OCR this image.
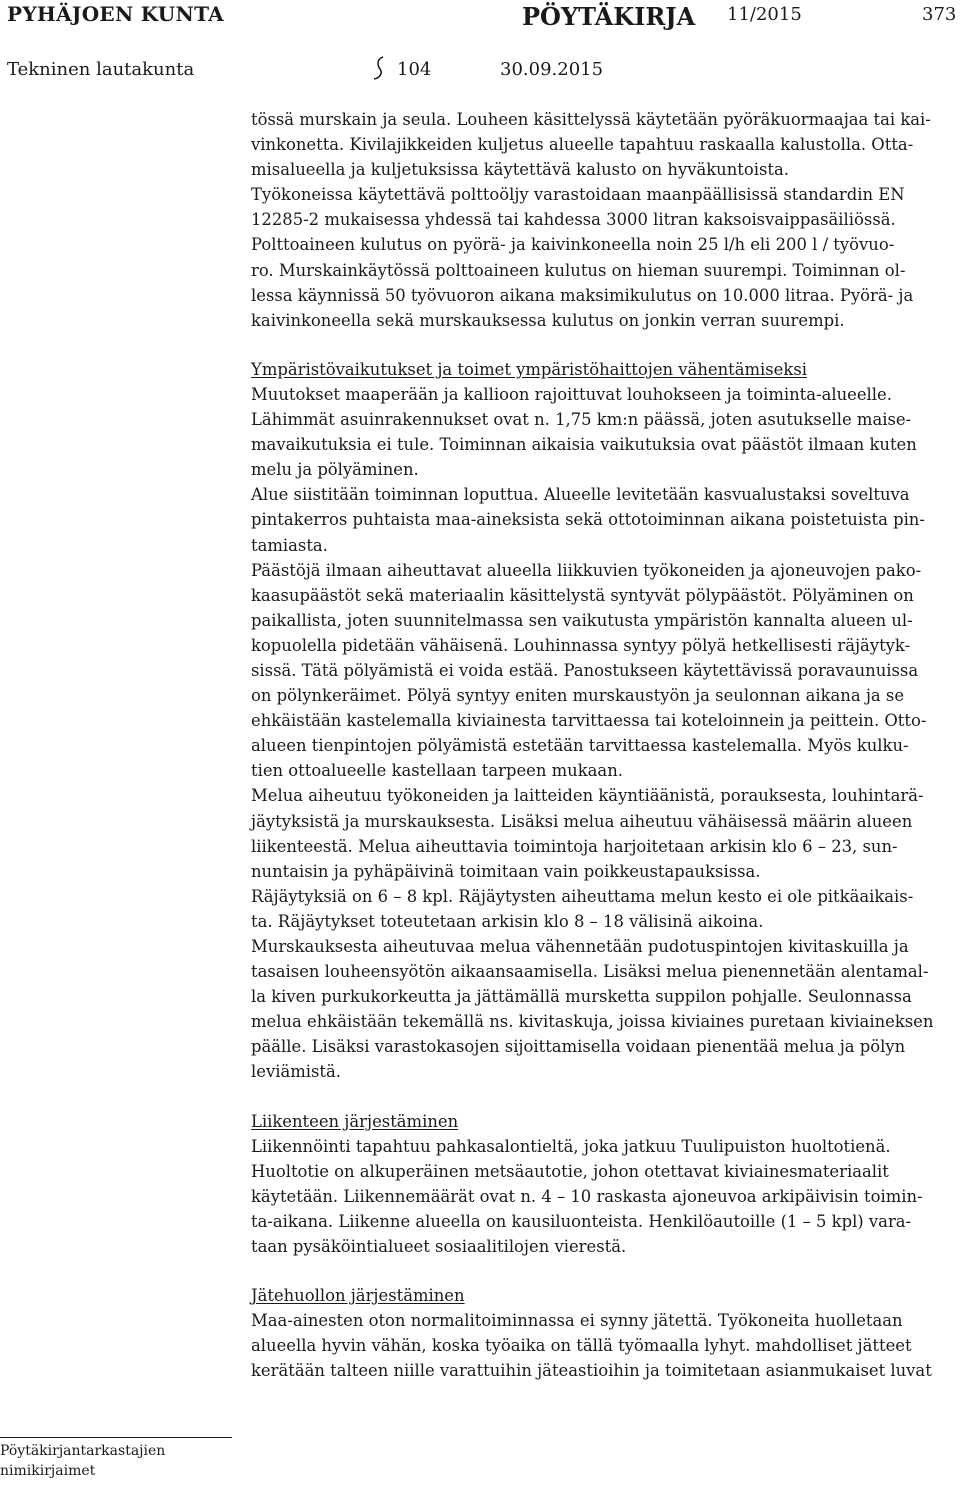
PYHÄJOEN KUNTA	PÖYTÄKIRJA 11/2015	373
Tekninen lautakunta	104	30.09.2015

tössä murskain ja seula. Louheen käsittelyssä käytetään pyöräkuormaajaa tai kai-

vinkonetta. Kivilajikkeiden kuljetus alueelle tapahtuu raskaalla kalustolla. Otta-

misalueella ja kuljetuksissa käytettävä kalusto on hyväkuntoista.

Työkoneissa käytettävä polttoöljy varastoidaan maanpäällisissä standardin EN

12285-2 mukaisessa yhdessä tai kahdessa 3000 litran kaksoisvaippasäiliössä.

Polttoaineen kulutus on pyörä- ja kaivinkoneella noin 25 l/h eli 200 l / työvuo-

ro. Murskainkäytössä polttoaineen kulutus on hieman suurempi. Toiminnan ol-

lessa käynnissä 50 työvuoron aikana maksimikulutus on 10.000 litraa. Pyörä- ja

kaivinkoneella sekä murskauksessa kulutus on jonkin verran suurempi.

Ympäristövaikutukset ja toimet ympäristöhaittojen vähentämiseksi

Muutokset maaperään ja kallioon rajoittuvat louhokseen ja toiminta-alueelle.

Lähimmät asuinrakennukset ovat n. 1,75 km:n päässä, joten asutukselle maise-

mavaikutuksia ei tule. Toiminnan aikaisia vaikutuksia ovat päästöt ilmaan kuten

melu ja pölyäminen.

Alue siistitään toiminnan loputtua. Alueelle levitetään kasvualustaksi soveltuva

pintakerros puhtaista maa-aineksista sekä ottotoiminnan aikana poistetuista pin-

tamiasta.

Päästöjä ilmaan aiheuttavat alueella liikkuvien työkoneiden ja ajoneuvojen pako-

kaasupäästöt sekä materiaalin käsittelystä syntyvät pölypäästöt. Pölyäminen on

paikallista, joten suunnitelmassa sen vaikutusta ympäristön kannalta alueen ul-

kopuolella pidetään vähäisenä. Louhinnassa syntyy pölyä hetkellisesti räjäytyk-

sissä. Tätä pölyämistä ei voida estää. Panostukseen käytettävissä poravaunuissa

on pölynkeräimet. Pölyä syntyy eniten murskaustyön ja seulonnan aikana ja se

ehkäistään kastelemalla kiviainesta tarvittaessa tai koteloinnein ja peittein. Otto-

alueen tienpintojen pölyämistä estetään tarvittaessa kastelemalla. Myös kulku-

tien ottoalueelle kastellaan tarpeen mukaan.

Melua aiheutuu työkoneiden ja laitteiden käyntiäänistä, porauksesta, louhintarä-

jäytyksistä ja murskauksesta. Lisäksi melua aiheutuu vähäisessä määrin alueen

liikenteestä. Melua aiheuttavia toimintoja harjoitetaan arkisin klo 6 – 23, sun-

nuntaisin ja pyhäpäivinä toimitaan vain poikkeustapauksissa.

Räjäytyksiä on 6 – 8 kpl. Räjäytysten aiheuttama melun kesto ei ole pitkäaikais-

ta. Räjäytykset toteutetaan arkisin klo 8 – 18 välisinä aikoina.

Murskauksesta aiheutuvaa melua vähennetään pudotuspintojen kivitaskuilla ja

tasaisen louheensyötön aikaansaamisella. Lisäksi melua pienennetään alentamal-

la kiven purkukorkeutta ja jättämällä mursketta suppilon pohjalle. Seulonnassa

melua ehkäistään tekemällä ns. kivitaskuja, joissa kiviaines puretaan kiviaineksen

päälle. Lisäksi varastokasojen sijoittamisella voidaan pienentää melua ja pölyn

leviämistä.

Liikenteen järjestäminen

Liikennöinti tapahtuu pahkasalontieltä, joka jatkuu Tuulipuiston huoltotienä.

Huoltotie on alkuperäinen metsäautotie, johon otettavat kiviainesmateriaalit

käytetään. Liikennemäärät ovat n. 4 – 10 raskasta ajoneuvoa arkipäivisin toimin-

ta-aikana. Liikenne alueella on kausiluonteista. Henkilöautoille (1 – 5 kpl) vara-

taan pysäköintialueet sosiaalitilojen vierestä.

Jätehuollon järjestäminen

Maa-ainesten oton normalitoiminnassa ei synny jätettä. Työkoneita huolletaan

alueella hyvin vähän, koska työaika on tällä työmaalla lyhyt. mahdolliset jätteet

kerätään talteen niille varattuihin jäteastioihin ja toimitetaan asianmukaiset luvat

Pöytäkirjantarkastajien
nimikirjaimet
